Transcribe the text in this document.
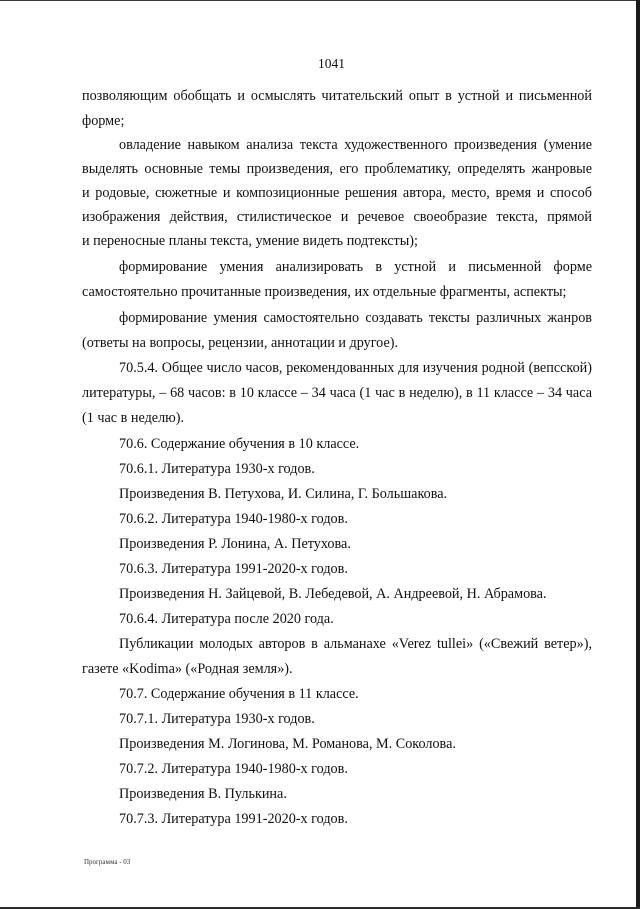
1041
позволяющим обобщать и осмыслять читательский опыт в устной и письменной
форме;
овладение навыком анализа текста художественного произведения (умение
выделять основные темы произведения, его проблематику, определять жанровые
и родовые, сюжетные и композиционные решения автора, место, время и способ
изображения действия, стилистическое и речевое своеобразие текста, прямой
и переносные планы текста, умение видеть подтексты);
формирование умения анализировать в устной и письменной форме
самостоятельно прочитанные произведения, их отдельные фрагменты, аспекты;
формирование умения самостоятельно создавать тексты различных жанров
(ответы на вопросы, рецензии, аннотации и другое).
70.5.4. Общее число часов, рекомендованных для изучения родной (вепсской)
литературы, – 68 часов: в 10 классе – 34 часа (1 час в неделю), в 11 классе – 34 часа
(1 час в неделю).
70.6. Содержание обучения в 10 классе.
70.6.1. Литература 1930-х годов.
Произведения В. Петухова, И. Силина, Г. Большакова.
70.6.2. Литература 1940-1980-х годов.
Произведения Р. Лонина, А. Петухова.
70.6.3. Литература 1991-2020-х годов.
Произведения Н. Зайцевой, В. Лебедевой, А. Андреевой, Н. Абрамова.
70.6.4. Литература после 2020 года.
Публикации молодых авторов в альманахе «Verez tullei» («Свежий ветер»),
газете «Kodima» («Родная земля»).
70.7. Содержание обучения в 11 классе.
70.7.1. Литература 1930-х годов.
Произведения М. Логинова, М. Романова, М. Соколова.
70.7.2. Литература 1940-1980-х годов.
Произведения В. Пулькина.
70.7.3. Литература 1991-2020-х годов.
Программа - 03
